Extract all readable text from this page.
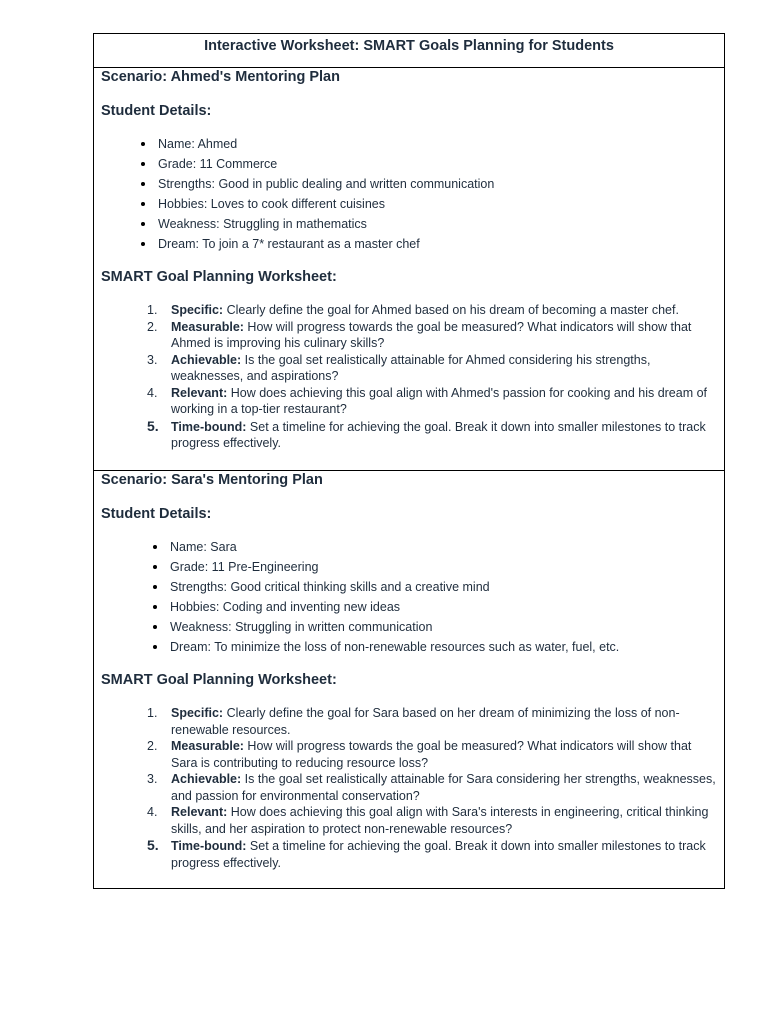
Interactive Worksheet: SMART Goals Planning for Students
Scenario: Ahmed's Mentoring Plan
Student Details:
Name: Ahmed
Grade: 11 Commerce
Strengths: Good in public dealing and written communication
Hobbies: Loves to cook different cuisines
Weakness: Struggling in mathematics
Dream: To join a 7* restaurant as a master chef
SMART Goal Planning Worksheet:
1. Specific: Clearly define the goal for Ahmed based on his dream of becoming a master chef.
2. Measurable: How will progress towards the goal be measured? What indicators will show that Ahmed is improving his culinary skills?
3. Achievable: Is the goal set realistically attainable for Ahmed considering his strengths, weaknesses, and aspirations?
4. Relevant: How does achieving this goal align with Ahmed's passion for cooking and his dream of working in a top-tier restaurant?
5. Time-bound: Set a timeline for achieving the goal. Break it down into smaller milestones to track progress effectively.
Scenario: Sara's Mentoring Plan
Student Details:
Name: Sara
Grade: 11 Pre-Engineering
Strengths: Good critical thinking skills and a creative mind
Hobbies: Coding and inventing new ideas
Weakness: Struggling in written communication
Dream: To minimize the loss of non-renewable resources such as water, fuel, etc.
SMART Goal Planning Worksheet:
1. Specific: Clearly define the goal for Sara based on her dream of minimizing the loss of non-renewable resources.
2. Measurable: How will progress towards the goal be measured? What indicators will show that Sara is contributing to reducing resource loss?
3. Achievable: Is the goal set realistically attainable for Sara considering her strengths, weaknesses, and passion for environmental conservation?
4. Relevant: How does achieving this goal align with Sara's interests in engineering, critical thinking skills, and her aspiration to protect non-renewable resources?
5. Time-bound: Set a timeline for achieving the goal. Break it down into smaller milestones to track progress effectively.
